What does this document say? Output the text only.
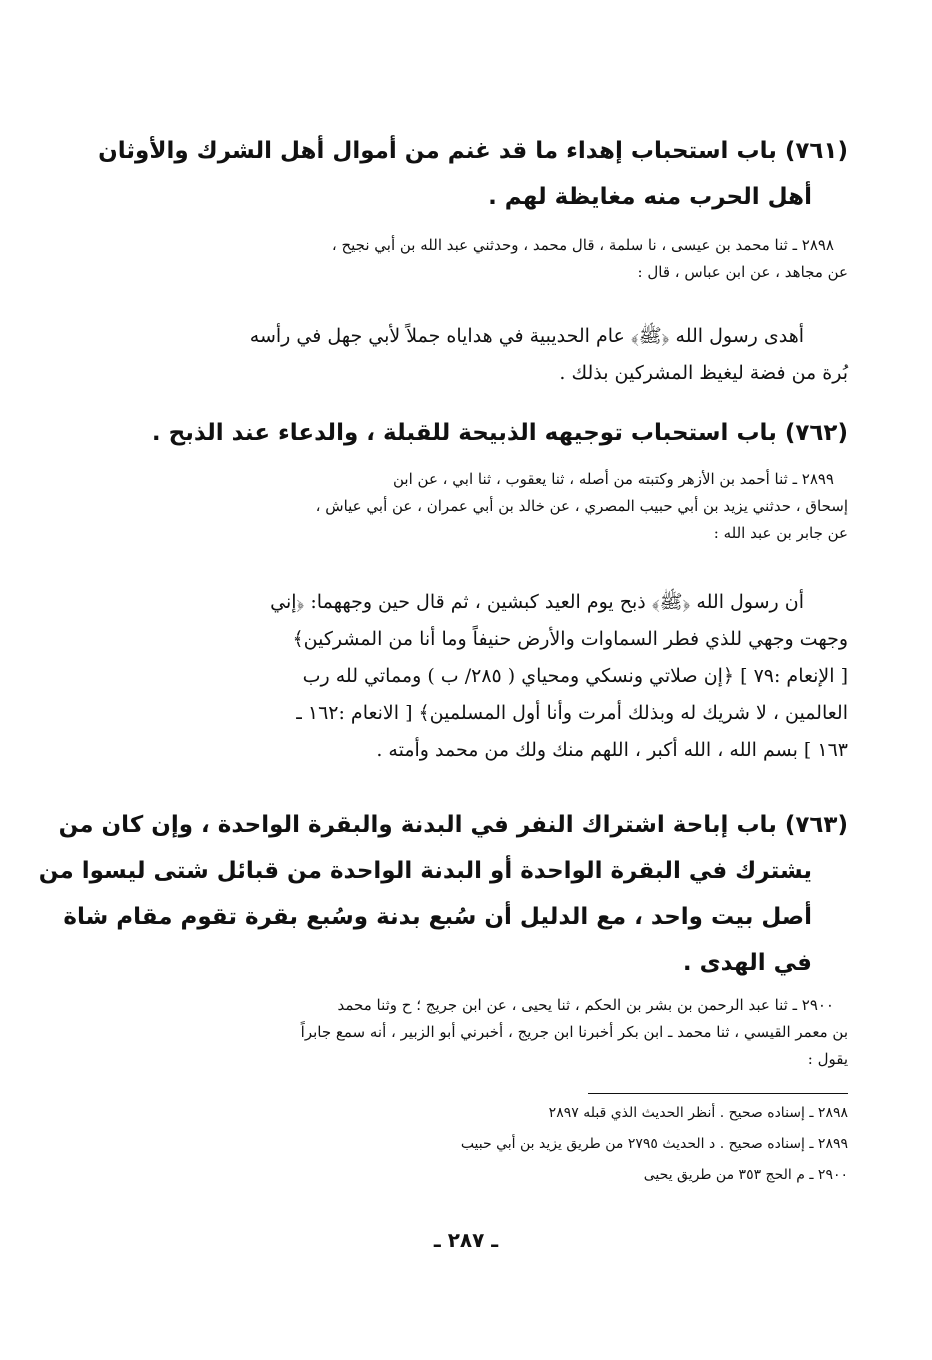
(٧٦١) باب استحباب إهداء ما قد غنم من أموال أهل الشرك والأوثان

أهل الحرب منه مغايظة لهم .

٢٨٩٨ ـ ثنا محمد بن عيسى ، نا سلمة ، قال محمد ، وحدثني عبد الله بن أبي نجيح ،

عن مجاهد ، عن ابن عباس ، قال :

أهدى رسول الله ﴿ﷺ﴾ عام الحديبية في هداياه جملاً لأبي جهل في رأسه

بُرة من فضة ليغيظ المشركين بذلك .

(٧٦٢) باب استحباب توجيهه الذبيحة للقبلة ، والدعاء عند الذبح .

٢٨٩٩ ـ ثنا أحمد بن الأزهر وكتبته من أصله ، ثنا يعقوب ، ثنا ابي ، عن ابن

إسحاق ، حدثني يزيد بن أبي حبيب المصري ، عن خالد بن أبي عمران ، عن أبي عياش ،

عن جابر بن عبد الله :

أن رسول الله ﴿ﷺ﴾ ذبح يوم العيد كبشين ، ثم قال حين وجههما: ﴿إني

وجهت وجهي للذي فطر السماوات والأرض حنيفاً وما أنا من المشركين﴾

[ الإنعام :٧٩ ] ﴿إن صلاتي ونسكي ومحياي ( ٢٨٥/ ب ) ومماتي لله رب

العالمين ، لا شريك له وبذلك أمرت وأنا أول المسلمين﴾ [ الانعام :١٦٢ ـ

١٦٣ ] بسم الله ، الله أكبر ، اللهم منك ولك من محمد وأمته .

(٧٦٣) باب إباحة اشتراك النفر في البدنة والبقرة الواحدة ، وإن كان من

يشترك في البقرة الواحدة أو البدنة الواحدة من قبائل شتى ليسوا من

أصل بيت واحد ، مع الدليل أن سُبع بدنة وسُبع بقرة تقوم مقام شاة

في الهدى .

٢٩٠٠ ـ ثنا عبد الرحمن بن بشر بن الحكم ، ثنا يحيى ، عن ابن جريج ؛ ح وثنا محمد

بن معمر القيسي ، ثنا محمد ـ ابن بكر أخبرنا ابن جريج ، أخبرني أبو الزبير ، أنه سمع جابراً

يقول :

٢٨٩٨ ـ إسناده صحيح . أنظر الحديث الذي قبله ٢٨٩٧

٢٨٩٩ ـ إسناده صحيح . د الحديث ٢٧٩٥ من طريق يزيد بن أبي حبيب

٢٩٠٠ ـ م الحج ٣٥٣ من طريق يحيى

ـ ٢٨٧ ـ
